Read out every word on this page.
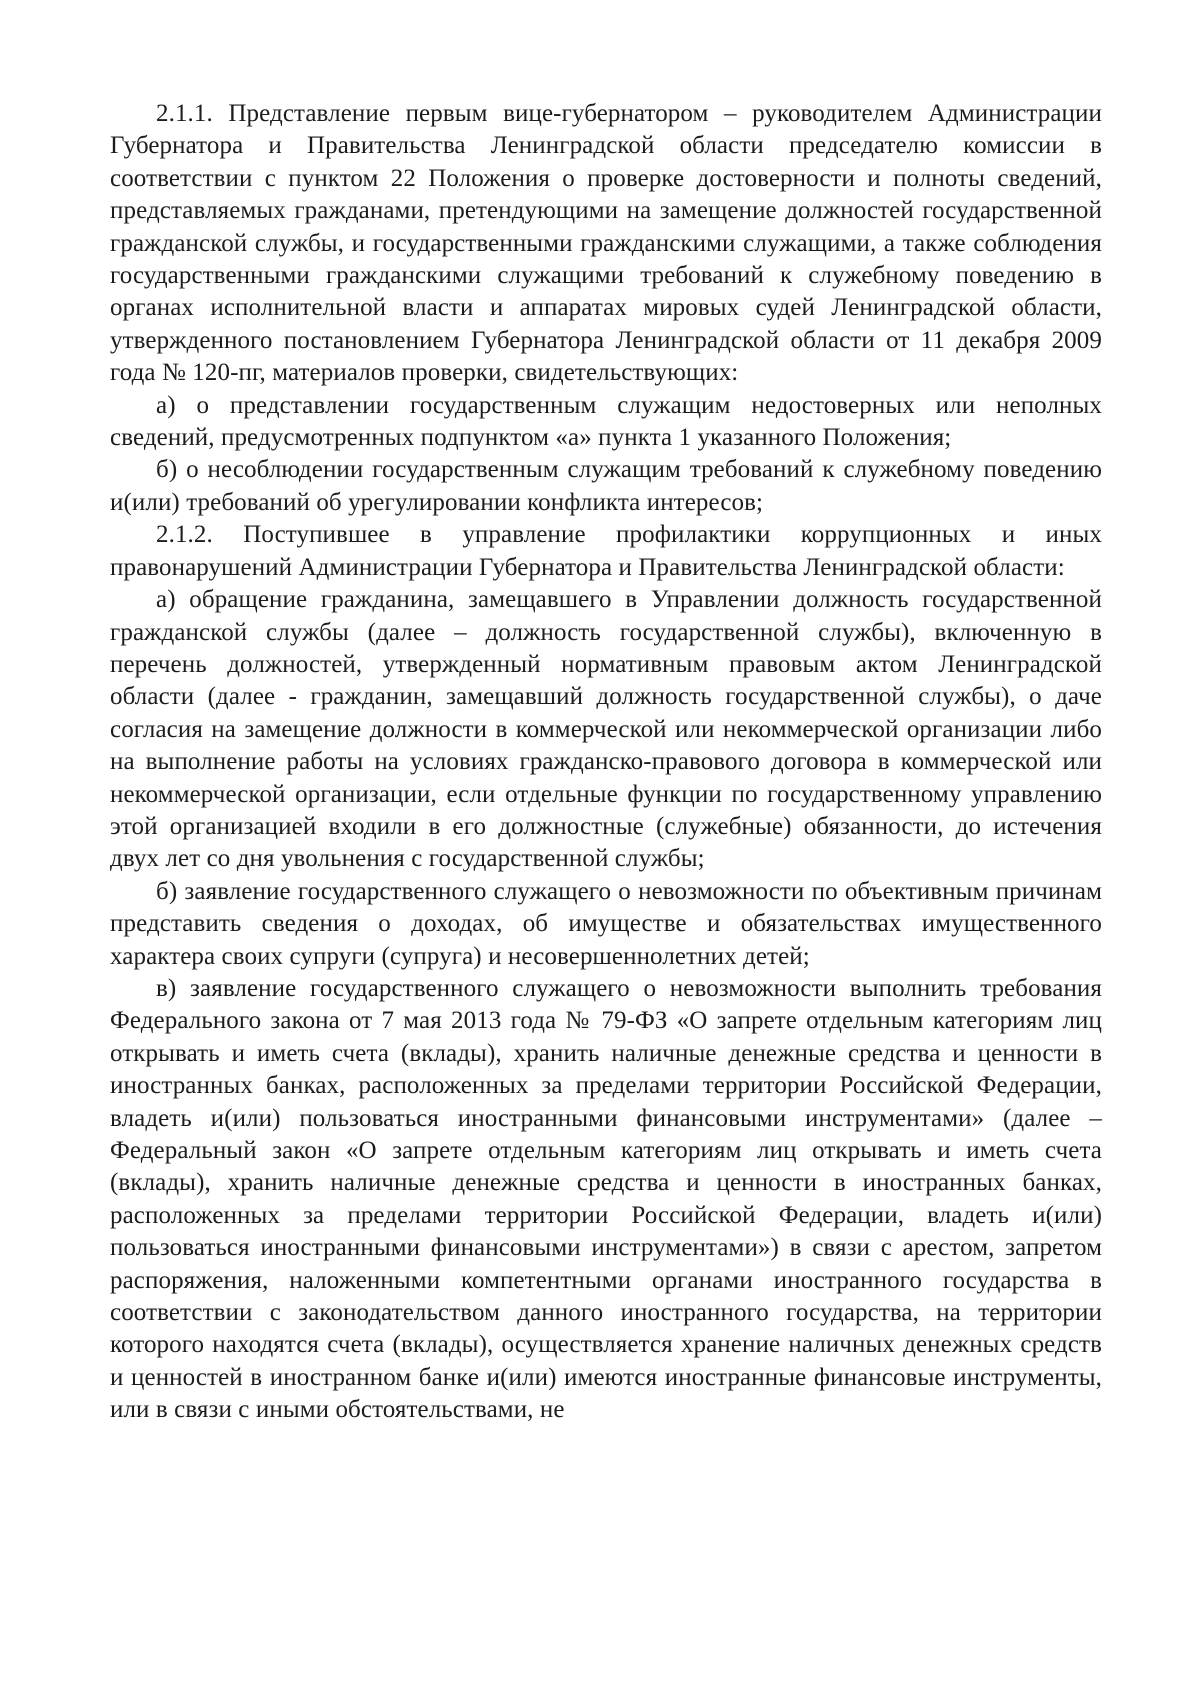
2.1.1. Представление первым вице-губернатором – руководителем Администрации Губернатора и Правительства Ленинградской области председателю комиссии в соответствии с пунктом 22 Положения о проверке достоверности и полноты сведений, представляемых гражданами, претендующими на замещение должностей государственной гражданской службы, и государственными гражданскими служащими, а также соблюдения государственными гражданскими служащими требований к служебному поведению в органах исполнительной власти и аппаратах мировых судей Ленинградской области, утвержденного постановлением Губернатора Ленинградской области от 11 декабря 2009 года № 120-пг, материалов проверки, свидетельствующих:

а) о представлении государственным служащим недостоверных или неполных сведений, предусмотренных подпунктом «а» пункта 1 указанного Положения;

б) о несоблюдении государственным служащим требований к служебному поведению и(или) требований об урегулировании конфликта интересов;

2.1.2. Поступившее в управление профилактики коррупционных и иных правонарушений Администрации Губернатора и Правительства Ленинградской области:

а) обращение гражданина, замещавшего в Управлении должность государственной гражданской службы (далее – должность государственной службы), включенную в перечень должностей, утвержденный нормативным правовым актом Ленинградской области (далее - гражданин, замещавший должность государственной службы), о даче согласия на замещение должности в коммерческой или некоммерческой организации либо на выполнение работы на условиях гражданско-правового договора в коммерческой или некоммерческой организации, если отдельные функции по государственному управлению этой организацией входили в его должностные (служебные) обязанности, до истечения двух лет со дня увольнения с государственной службы;

б) заявление государственного служащего о невозможности по объективным причинам представить сведения о доходах, об имуществе и обязательствах имущественного характера своих супруги (супруга) и несовершеннолетних детей;

в) заявление государственного служащего о невозможности выполнить требования Федерального закона от 7 мая 2013 года № 79-ФЗ «О запрете отдельным категориям лиц открывать и иметь счета (вклады), хранить наличные денежные средства и ценности в иностранных банках, расположенных за пределами территории Российской Федерации, владеть и(или) пользоваться иностранными финансовыми инструментами» (далее – Федеральный закон «О запрете отдельным категориям лиц открывать и иметь счета (вклады), хранить наличные денежные средства и ценности в иностранных банках, расположенных за пределами территории Российской Федерации, владеть и(или) пользоваться иностранными финансовыми инструментами») в связи с арестом, запретом распоряжения, наложенными компетентными органами иностранного государства в соответствии с законодательством данного иностранного государства, на территории которого находятся счета (вклады), осуществляется хранение наличных денежных средств и ценностей в иностранном банке и(или) имеются иностранные финансовые инструменты, или в связи с иными обстоятельствами, не
